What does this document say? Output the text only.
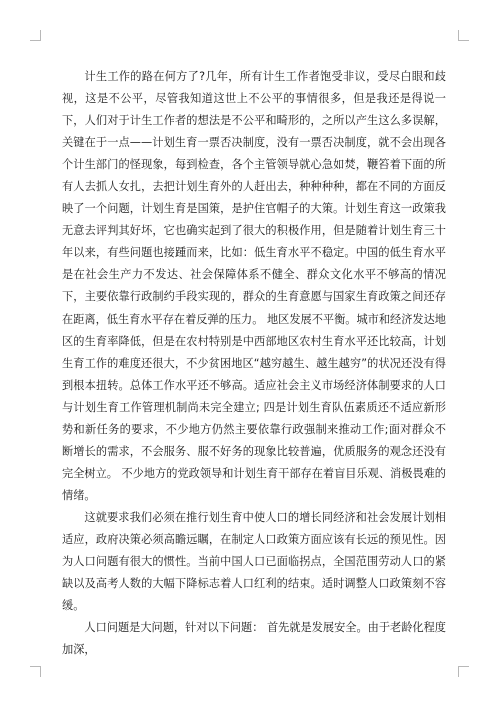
计生工作的路在何方了?几年，所有计生工作者饱受非议，受尽白眼和歧视，这是不公平，尽管我知道这世上不公平的事情很多，但是我还是得说一下，人们对于计生工作者的想法是不公平和畸形的，之所以产生这么多误解，关键在于一点——计划生育一票否决制度，没有一票否决制度，就不会出现各个计生部门的怪现象，每到检查，各个主管领导就心急如焚，鞭笞着下面的所有人去抓人女扎，去把计划生育外的人赶出去，种种种种，都在不同的方面反映了一个问题，计划生育是国策，是护住官帽子的大策。计划生育这一政策我无意去评判其好坏，它也确实起到了很大的积极作用，但是随着计划生育三十年以来，有些问题也接踵而来，比如：低生育水平不稳定。中国的低生育水平是在社会生产力不发达、社会保障体系不健全、群众文化水平不够高的情况下，主要依靠行政制约手段实现的，群众的生育意愿与国家生育政策之间还存在距离，低生育水平存在着反弹的压力。 地区发展不平衡。城市和经济发达地区的生育率降低，但是在农村特别是中西部地区农村生育水平还比较高，计划生育工作的难度还很大，不少贫困地区“越穷越生、越生越穷”的状况还没有得到根本扭转。总体工作水平还不够高。适应社会主义市场经济体制要求的人口与计划生育工作管理机制尚未完全建立; 四是计划生育队伍素质还不适应新形势和新任务的要求，不少地方仍然主要依靠行政强制来推动工作;面对群众不断增长的需求，不会服务、服不好务的现象比较普遍，优质服务的观念还没有完全树立。 不少地方的党政领导和计划生育干部存在着盲目乐观、消极畏难的情绪。

这就要求我们必须在推行划生育中使人口的增长同经济和社会发展计划相适应，政府决策必须高瞻远瞩，在制定人口政策方面应该有长远的预见性。因为人口问题有很大的惯性。当前中国人口已面临拐点，全国范围劳动人口的紧缺以及高考人数的大幅下降标志着人口红利的结束。适时调整人口政策刻不容缓。

人口问题是大问题，针对以下问题： 首先就是发展安全。由于老龄化程度加深，
